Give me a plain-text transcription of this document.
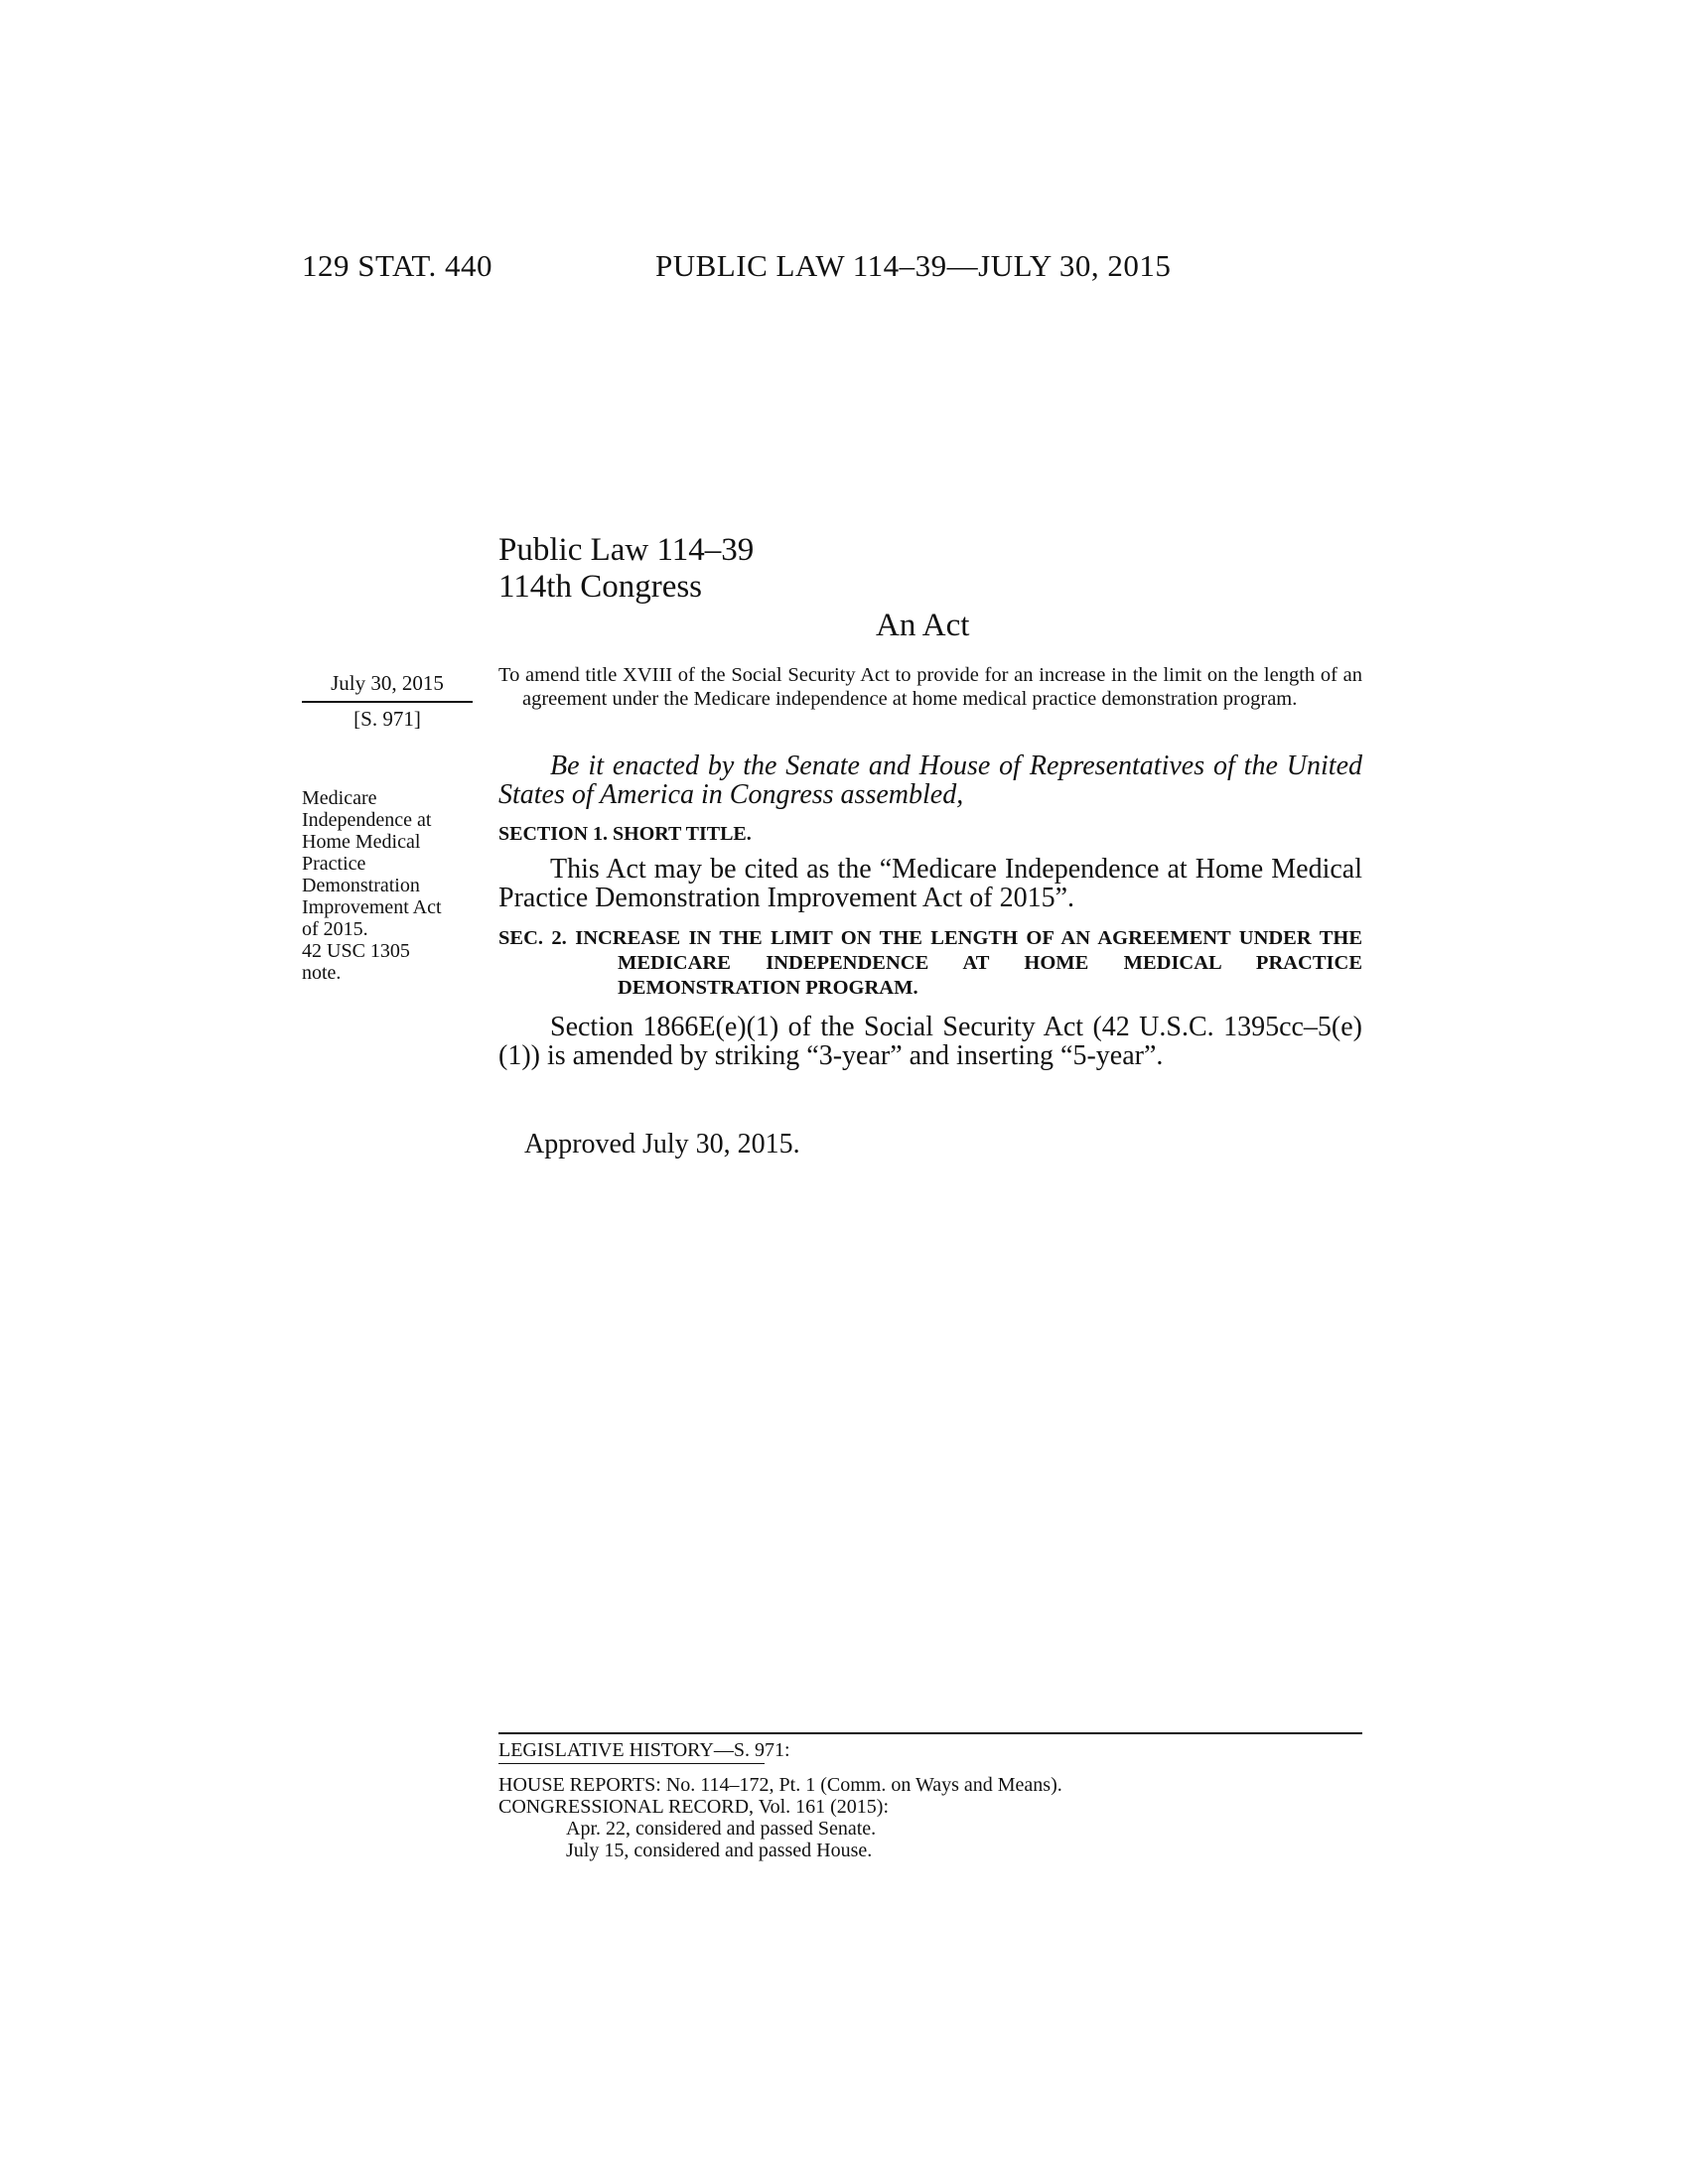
129 STAT. 440	PUBLIC LAW 114–39—JULY 30, 2015
Public Law 114–39
114th Congress
An Act
July 30, 2015
[S. 971]
Medicare
Independence at
Home Medical
Practice
Demonstration
Improvement Act
of 2015.
42 USC 1305
note.
To amend title XVIII of the Social Security Act to provide for an increase in the limit on the length of an agreement under the Medicare independence at home medical practice demonstration program.
Be it enacted by the Senate and House of Representatives of the United States of America in Congress assembled,
SECTION 1. SHORT TITLE.
This Act may be cited as the “Medicare Independence at Home Medical Practice Demonstration Improvement Act of 2015”.
SEC. 2. INCREASE IN THE LIMIT ON THE LENGTH OF AN AGREEMENT UNDER THE MEDICARE INDEPENDENCE AT HOME MEDICAL PRACTICE DEMONSTRATION PROGRAM.
Section 1866E(e)(1) of the Social Security Act (42 U.S.C. 1395cc–5(e)(1)) is amended by striking “3-year” and inserting “5-year”.
Approved July 30, 2015.
LEGISLATIVE HISTORY—S. 971:
HOUSE REPORTS: No. 114–172, Pt. 1 (Comm. on Ways and Means).
CONGRESSIONAL RECORD, Vol. 161 (2015):
Apr. 22, considered and passed Senate.
July 15, considered and passed House.
